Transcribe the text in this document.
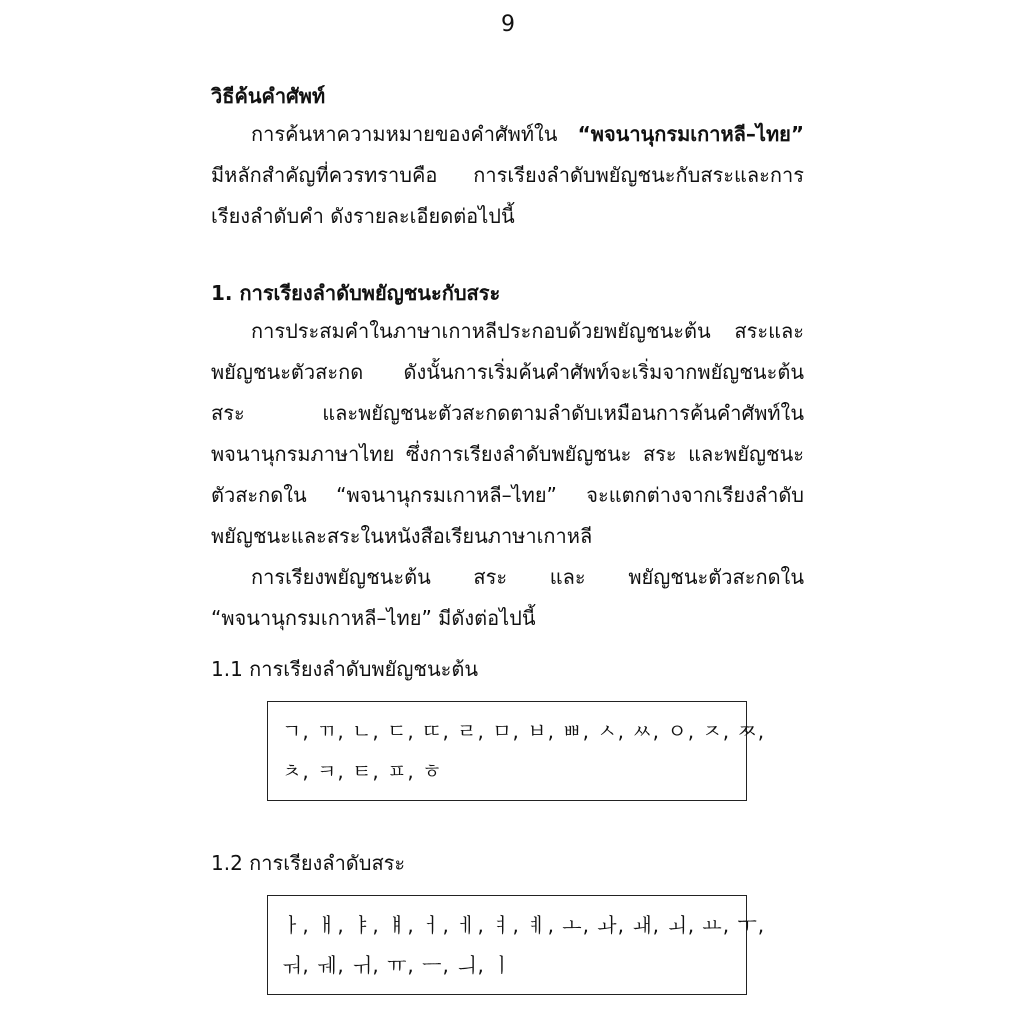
9

วิธีค้นคำศัพท์

การค้นหาความหมายของคำศัพท์ใน “พจนานุกรมเกาหลี–ไทย” มีหลักสำคัญที่ควรทราบคือ การเรียงลำดับพยัญชนะกับสระและการเรียงลำดับคำ ดังรายละเอียดต่อไปนี้

1. การเรียงลำดับพยัญชนะกับสระ

การประสมคำในภาษาเกาหลีประกอบด้วยพยัญชนะต้น สระและพยัญชนะตัวสะกด ดังนั้นการเริ่มค้นคำศัพท์จะเริ่มจากพยัญชนะต้น สระ และพยัญชนะตัวสะกดตามลำดับเหมือนการค้นคำศัพท์ในพจนานุกรมภาษาไทย ซึ่งการเรียงลำดับพยัญชนะ สระ และพยัญชนะตัวสะกดใน “พจนานุกรมเกาหลี–ไทย” จะแตกต่างจากเรียงลำดับพยัญชนะและสระในหนังสือเรียนภาษาเกาหลี

การเรียงพยัญชนะต้น สระ และ พยัญชนะตัวสะกดใน “พจนานุกรมเกาหลี–ไทย” มีดังต่อไปนี้

1.1 การเรียงลำดับพยัญชนะต้น

ㄱ, ㄲ, ㄴ, ㄷ, ㄸ, ㄹ, ㅁ, ㅂ, ㅃ, ㅅ, ㅆ, ㅇ, ㅈ, ㅉ,
ㅊ, ㅋ, ㅌ, ㅍ, ㅎ

1.2 การเรียงลำดับสระ

ㅏ, ㅐ, ㅑ, ㅒ, ㅓ, ㅔ, ㅕ, ㅖ, ㅗ, ㅘ, ㅙ, ㅚ, ㅛ, ㅜ,
ㅝ, ㅞ, ㅟ, ㅠ, ㅡ, ㅢ, ㅣ
